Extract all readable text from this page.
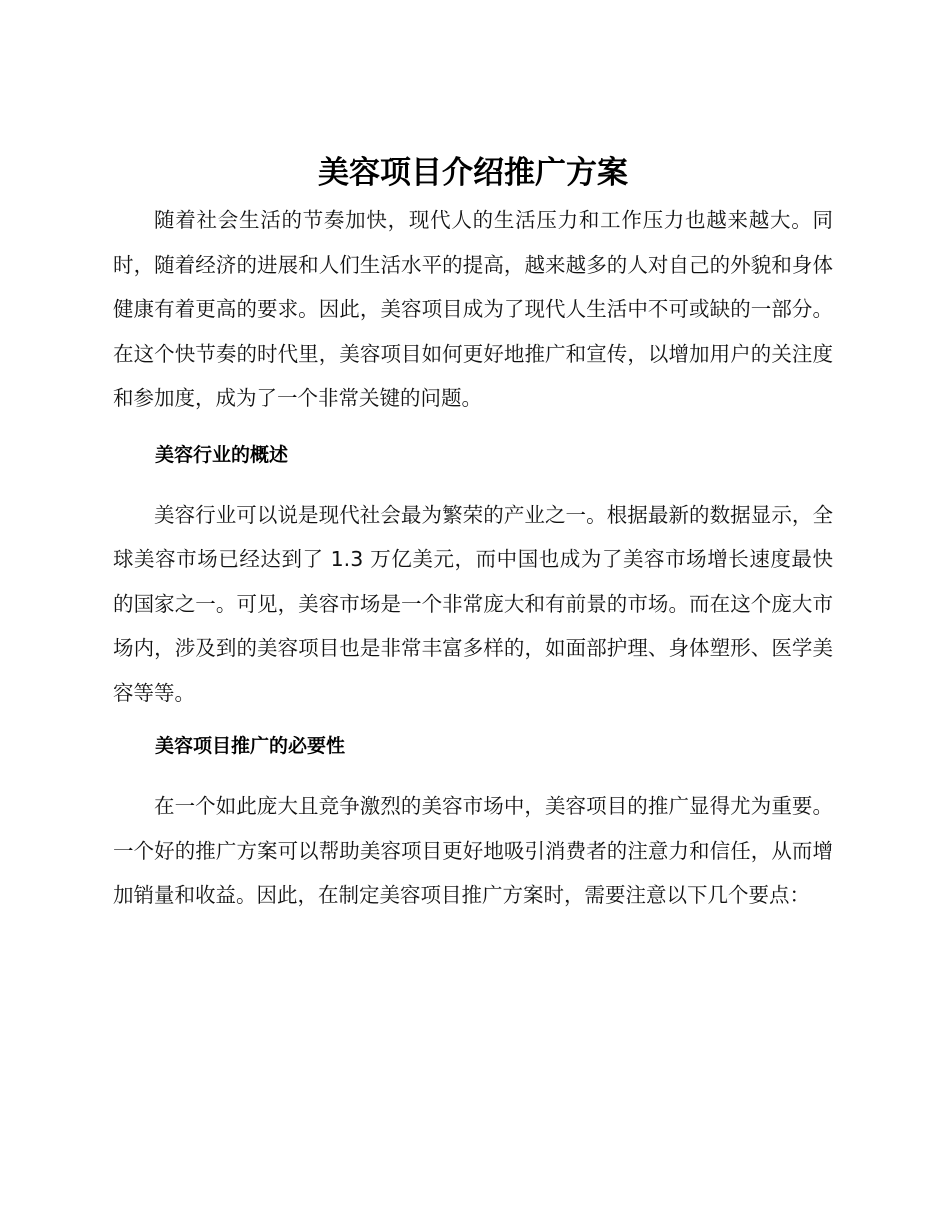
美容项目介绍推广方案

随着社会生活的节奏加快，现代人的生活压力和工作压力也越来越大。同时，随着经济的进展和人们生活水平的提高，越来越多的人对自己的外貌和身体健康有着更高的要求。因此，美容项目成为了现代人生活中不可或缺的一部分。在这个快节奏的时代里，美容项目如何更好地推广和宣传，以增加用户的关注度和参加度，成为了一个非常关键的问题。

美容行业的概述

美容行业可以说是现代社会最为繁荣的产业之一。根据最新的数据显示，全球美容市场已经达到了 1.3 万亿美元，而中国也成为了美容市场增长速度最快的国家之一。可见，美容市场是一个非常庞大和有前景的市场。而在这个庞大市场内，涉及到的美容项目也是非常丰富多样的，如面部护理、身体塑形、医学美容等等。

美容项目推广的必要性

在一个如此庞大且竞争激烈的美容市场中，美容项目的推广显得尤为重要。一个好的推广方案可以帮助美容项目更好地吸引消费者的注意力和信任，从而增加销量和收益。因此，在制定美容项目推广方案时，需要注意以下几个要点：
